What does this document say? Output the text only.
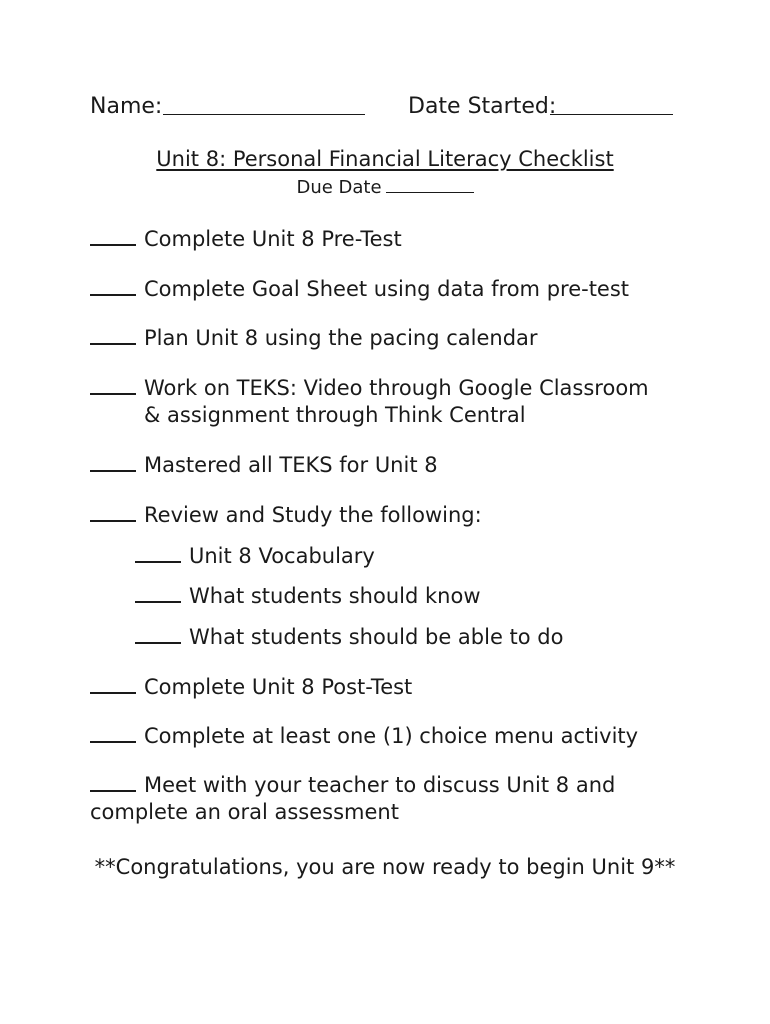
Name:	Date Started:
Unit 8: Personal Financial Literacy Checklist
Due Date
Complete Unit 8 Pre-Test
Complete Goal Sheet using data from pre-test
Plan Unit 8 using the pacing calendar
Work on TEKS: Video through Google Classroom
& assignment through Think Central
Mastered all TEKS for Unit 8
Review and Study the following:
Unit 8 Vocabulary
What students should know
What students should be able to do
Complete Unit 8 Post-Test
Complete at least one (1) choice menu activity
Meet with your teacher to discuss Unit 8 and
complete an oral assessment
**Congratulations, you are now ready to begin Unit 9**
